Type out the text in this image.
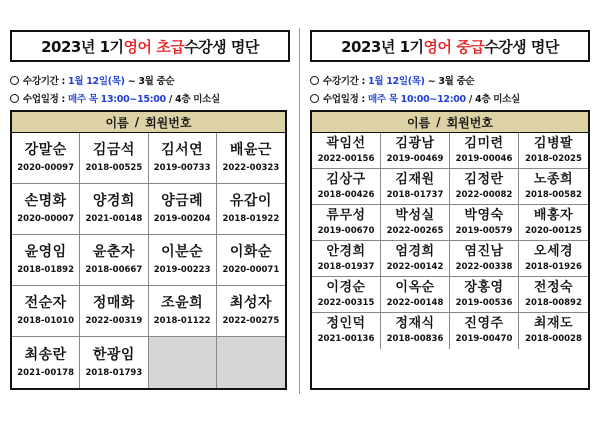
2023년 1기 영어 초급 수강생 명단
수강기간 : 1월 12일(목) ~ 3월 중순
수업일정 : 매주 목 13:00~15:00 / 4층 미소실
이름 / 회원번호
강말순
2020-00097
김금석
2018-00525
김서연
2019-00733
배윤근
2022-00323
손명화
2020-00007
양경희
2021-00148
양금례
2019-00204
유갑이
2018-01922
윤영임
2018-01892
윤춘자
2018-00667
이분순
2019-00223
이화순
2020-00071
전순자
2018-01010
정매화
2022-00319
조윤희
2018-01122
최성자
2022-00275
최송란
2021-00178
한광임
2018-01793
2023년 1기 영어 중급 수강생 명단
수강기간 : 1월 12일(목) ~ 3월 중순
수업일정 : 매주 목 10:00~12:00 / 4층 미소실
이름 / 회원번호
곽임선
2022-00156
김광남
2019-00469
김미련
2019-00046
김병팔
2018-02025
김상구
2018-00426
김재원
2018-01737
김정란
2022-00082
노종희
2018-00582
류무성
2019-00670
박성실
2022-00265
박영숙
2019-00579
배홍자
2020-00125
안경희
2018-01937
엄경희
2022-00142
염진남
2022-00338
오세경
2018-01926
이경순
2022-00315
이옥순
2022-00148
장홍영
2019-00536
전정숙
2018-00892
정인덕
2021-00136
정재식
2018-00836
진영주
2019-00470
최재도
2018-00028
